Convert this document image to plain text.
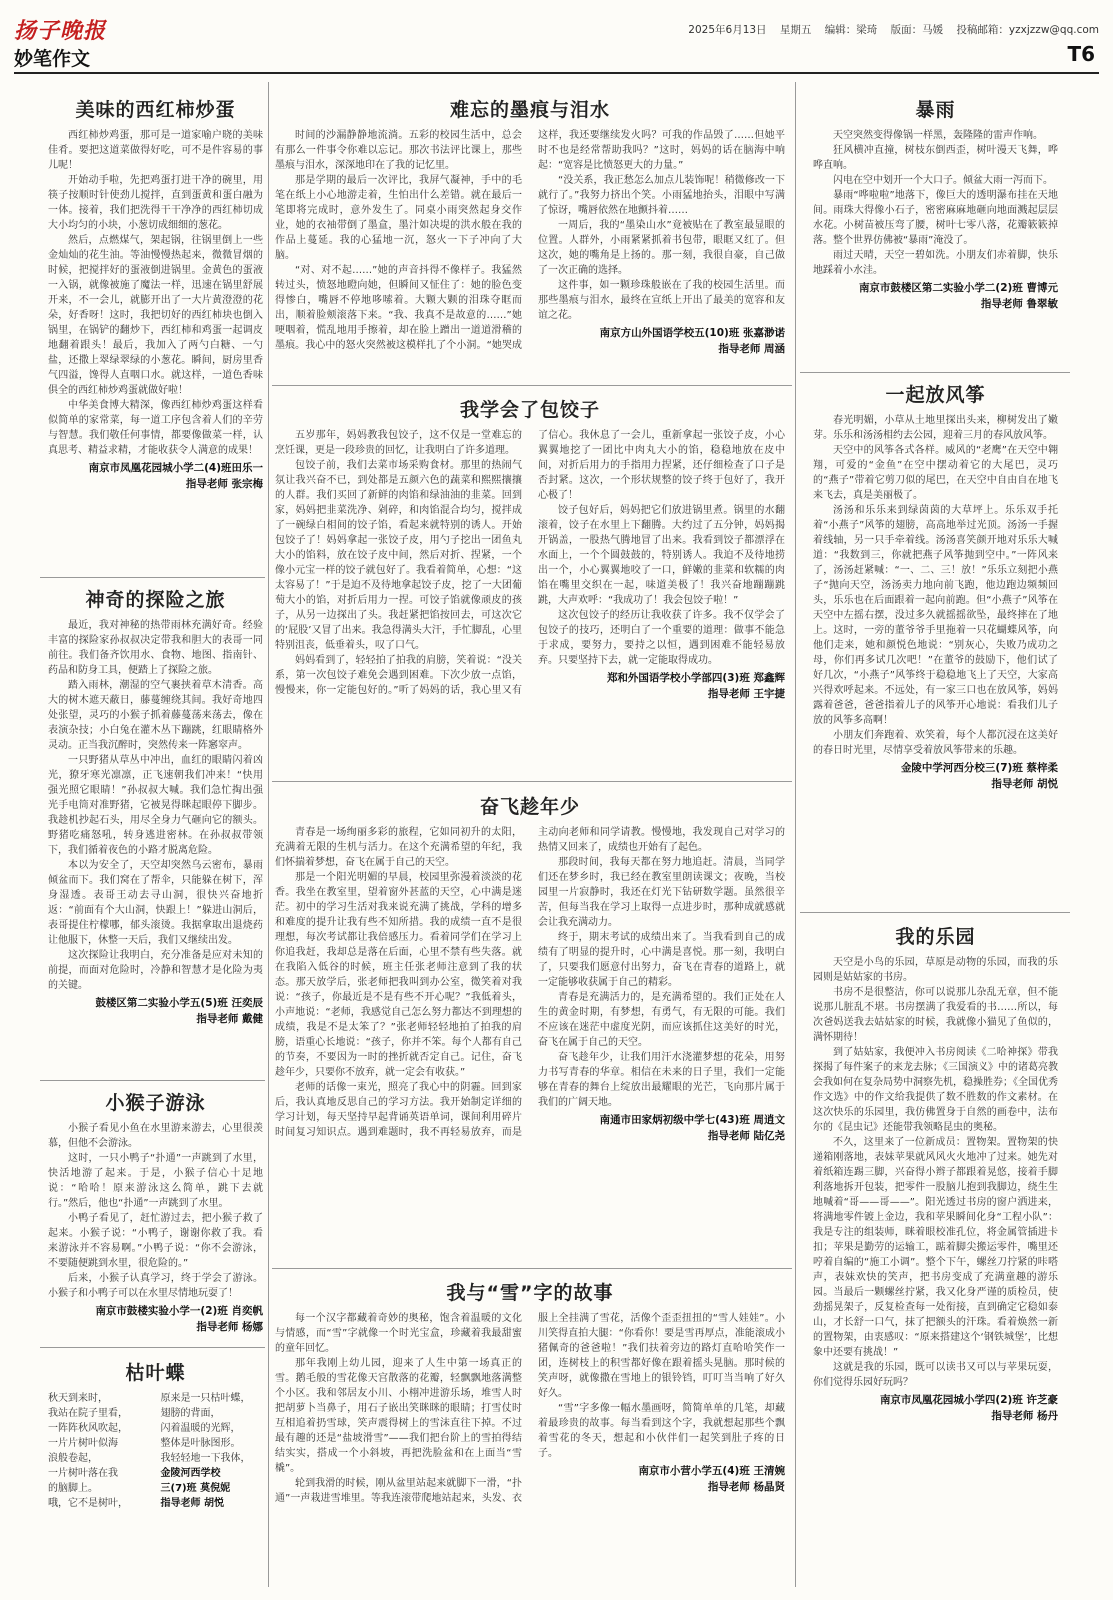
扬子晚报	2025年6月13日 星期五 编辑：梁琦 版面：马媛 投稿邮箱：yzxjzzw@qq.com
妙笔作文	T6
美味的西红柿炒蛋

西红柿炒鸡蛋，那可是一道家喻户晓的美味佳肴。要把这道菜做得好吃，可不是件容易的事儿呢！

开始动手啦，先把鸡蛋打进干净的碗里，用筷子按顺时针使劲儿搅拌，直到蛋黄和蛋白融为一体。接着，我们把洗得干干净净的西红柿切成大小均匀的小块，小葱切成细细的葱花。

然后，点燃煤气，架起锅，往锅里倒上一些金灿灿的花生油。等油慢慢热起来，微微冒烟的时候，把搅拌好的蛋液倒进锅里。金黄色的蛋液一入锅，就像被施了魔法一样，迅速在锅里舒展开来，不一会儿，就膨开出了一大片黄澄澄的花朵，好香呀！这时，我把切好的西红柿块也倒入锅里，在锅铲的翻炒下，西红柿和鸡蛋一起调皮地翻着跟头！最后，我加入了两勺白糖、一勺盐，还撒上翠绿翠绿的小葱花。瞬间，厨房里香气四溢，馋得人直咽口水。就这样，一道色香味俱全的西红柿炒鸡蛋就做好啦！

中华美食博大精深，像西红柿炒鸡蛋这样看似简单的家常菜，每一道工序包含着人们的辛劳与智慧。我们敬任何事情，都要像做菜一样，认真思考、精益求精，才能收获令人满意的成果！

南京市凤凰花园城小学二(4)班田乐一
指导老师 张宗梅
神奇的探险之旅

最近，我对神秘的热带雨林充满好奇。经验丰富的探险家孙叔叔决定带我和胆大的表哥一同前往。我们备齐饮用水、食物、地图、指南针、药品和防身工具，便踏上了探险之旅。

踏入雨林，潮湿的空气裹挟着草木清香。高大的树木遮天蔽日，藤蔓缠绕其间。我好奇地四处张望，灵巧的小猴子抓着藤蔓荡来荡去，像在表演杂技；小白兔在灌木丛下蹦跳，红眼睛格外灵动。正当我沉醉时，突然传来一阵窸窣声。

一只野猪从草丛中冲出，血红的眼睛闪着凶光，獠牙寒光凛凛，正飞速朝我们冲来！“快用强光照它眼睛！”孙叔叔大喊。我们急忙掏出强光手电筒对准野猪，它被晃得眯起眼停下脚步。我趁机抄起石头，用尽全身力气砸向它的额头。野猪吃痛怒吼，转身逃进密林。在孙叔叔带领下，我们循着夜色的小路才脱离危险。

本以为安全了，天空却突然乌云密布，暴雨倾盆而下。我们窝在了帮伞，只能躲在树下，浑身湿透。表哥王动去寻山洞，很快兴奋地折返：“前面有个大山洞，快跟上！”躲进山洞后，表哥提住柠檬哪，郁头滚烫。我据拿取出退烧药让他服下，休整一天后，我们又继续出发。

这次探险让我明白，充分准备是应对未知的前提，而面对危险时，冷静和智慧才是化险为夷的关键。

鼓楼区第二实验小学五(5)班 汪奕辰
指导老师 戴健
小猴子游泳

小猴子看见小鱼在水里游来游去，心里很羡慕，但他不会游泳。

这时，一只小鸭子“扑通”一声跳到了水里，快活地游了起来。于是，小猴子信心十足地说：“哈哈！原来游泳这么简单，跳下去就行。”然后，他也“扑通”一声跳到了水里。

小鸭子看见了，赶忙游过去，把小猴子救了起来。小猴子说：“小鸭子，谢谢你救了我。看来游泳并不容易啊。”小鸭子说：“你不会游泳，不要随便跳到水里，很危险的。”

后来，小猴子认真学习，终于学会了游泳。小猴子和小鸭子可以在水里尽情地玩耍了！

南京市鼓楼实验小学一(2)班 肖奕帆
指导老师 杨娜
枯叶蝶
秋天到来时，
我站在院子里看，
一阵阵秋风吹起，
一片片树叶似海
浪般卷起，
一片树叶落在我
的脑脚上。
哦，它不是树叶，
原来是一只枯叶蝶，
翅膀的背面，
闪着温暖的光辉，
整体是叶脉图形。
我轻轻地一下我体，
金陵河西学校
三(7)班 莫倪妮
指导老师 胡悦
难忘的墨痕与泪水

时间的沙漏静静地流淌。五彩的校园生活中，总会有那么一件事令你难以忘记。那次书法评比课上，那些墨痕与泪水，深深地印在了我的记忆里。

那是学期的最后一次评比，我屏气凝神，手中的毛笔在纸上小心地游走着，生怕出什么差错。就在最后一笔即将完成时，意外发生了。同桌小雨突然起身交作业，她的衣袖带倒了墨盒，墨汁如决堤的洪水般在我的作品上蔓延。我的心猛地一沉，怒火一下子冲向了大脑。

“对、对不起……”她的声音抖得不像样子。我猛然转过头，愤怒地瞪向她，但瞬间又怔住了：她的脸色变得惨白，嘴唇不停地哆嗦着。大颗大颗的泪珠夺眶而出，顺着脸颊滚落下来。“我、我真不是故意的……”她哽咽着，慌乱地用手擦着，却在脸上蹭出一道道滑稽的墨痕。我心中的怒火突然被这模样扎了个小洞。“她哭成这样，我还要继续发火吗？可我的作品毁了……但她平时不也是经常帮助我吗？”这时，妈妈的话在脑海中响起：“宽容是比愤怒更大的力量。”

“没关系，我正愁怎么加点儿装饰呢！稍微修改一下就行了。”我努力挤出个笑。小雨猛地抬头，泪眼中写满了惊讶，嘴唇依然在地颤抖着……

一周后，我的“墨染山水”竟被贴在了教室最显眼的位置。人群外，小雨紧紧抓着书包带，眼眶又红了。但这次，她的嘴角是上扬的。那一刻，我很自豪，自己做了一次正确的选择。

这件事，如一颗珍珠般嵌在了我的校园生活里。而那些墨痕与泪水，最终在宣纸上开出了最美的宽容和友谊之花。

南京方山外国语学校五(10)班 张嘉渺诺
指导老师 周涵
我学会了包饺子

五岁那年，妈妈教我包饺子，这不仅是一堂难忘的烹饪课，更是一段珍贵的回忆，让我明白了许多道理。

包饺子前，我们去菜市场采购食材。那里的热闹气氛让我兴奋不已，到处都是五颜六色的蔬菜和熙熙攘攘的人群。我们买回了新鲜的肉馅和绿油油的韭菜。回到家，妈妈把韭菜洗净、剁碎，和肉馅混合均匀，搅拌成了一碗绿白相间的饺子馅，看起来就特别的诱人。开始包饺子了！妈妈拿起一张饺子皮，用勺子挖出一团鱼丸大小的馅料，放在饺子皮中间，然后对折、捏紧，一个像小元宝一样的饺子就包好了。我看着简单，心想：“这太容易了！”于是迫不及待地拿起饺子皮，挖了一大团葡萄大小的馅，对折后用力一捏。可饺子馅就像顽皮的孩子，从另一边探出了头。我赶紧把馅按回去，可这次它的‘屁股’又冒了出来。我急得满头大汗，手忙脚乱，心里特别沮丧，低垂着头，叹了口气。

妈妈看到了，轻轻拍了拍我的肩膀，笑着说：“没关系，第一次包饺子难免会遇到困难。下次少放一点馅，慢慢来，你一定能包好的。”听了妈妈的话，我心里又有了信心。我休息了一会儿，重新拿起一张饺子皮，小心翼翼地挖了一团比中肉丸大小的馅，稳稳地放在皮中间，对折后用力的手指用力捏紧，还仔细检查了口子是否封紧。这次，一个形状规整的饺子终于包好了，我开心极了！

饺子包好后，妈妈把它们放进锅里煮。锅里的水翻滚着，饺子在水里上下翻腾。大约过了五分钟，妈妈揭开锅盖，一股热气腾地冒了出来。我看到饺子都漂浮在水面上，一个个圆鼓鼓的，特别诱人。我迫不及待地捞出一个，小心翼翼地咬了一口，鲜嫩的韭菜和软糯的肉馅在嘴里交织在一起，味道美极了！我兴奋地蹦蹦跳跳，大声欢呼：“我成功了！我会包饺子啦！”

这次包饺子的经历让我收获了许多。我不仅学会了包饺子的技巧，还明白了一个重要的道理：做事不能急于求成，要努力，要持之以恒，遇到困难不能轻易放弃。只要坚持下去，就一定能取得成功。

郑和外国语学校小学部四(3)班 郑鑫辉
指导老师 王宇捷
奋飞趁年少

青春是一场绚丽多彩的旅程，它如同初升的太阳，充满着无限的生机与活力。在这个充满希望的年纪，我们怀揣着梦想，奋飞在属于自己的天空。

那是一个阳光明媚的早晨，校园里弥漫着淡淡的花香。我坐在教室里，望着窗外甚蓝的天空，心中满是迷茫。初中的学习生活对我来说充满了挑战，学科的增多和难度的提升让我有些不知所措。我的成绩一直不是很理想，每次考试都让我倍感压力。看着同学们在学习上你追我赶，我却总是落在后面，心里不禁有些失落。就在我陷入低谷的时候，班主任张老师注意到了我的状态。那天放学后，张老师把我叫到办公室，微笑着对我说：“孩子，你最近是不是有些不开心呢？”我低着头，小声地说：“老师，我感觉自己怎么努力都达不到理想的成绩，我是不是太笨了？”张老师轻轻地拍了拍我的肩膀，语重心长地说：“孩子，你并不笨。每个人都有自己的节奏，不要因为一时的挫折就否定自己。记住，奋飞趁年少，只要你不放弃，就一定会有收获。”

老师的话像一束光，照亮了我心中的阴霾。回到家后，我认真地反思自己的学习方法。我开始制定详细的学习计划，每天坚持早起背诵英语单词，课间利用碎片时间复习知识点。遇到难题时，我不再轻易放弃，而是主动向老师和同学请教。慢慢地，我发现自己对学习的热情又回来了，成绩也开始有了起色。

那段时间，我每天都在努力地追赶。清晨，当同学们还在梦乡时，我已经在教室里朗读课文；夜晚，当校园里一片寂静时，我还在灯光下钻研数学题。虽然很辛苦，但每当我在学习上取得一点进步时，那种成就感就会让我充满动力。

终于，期末考试的成绩出来了。当我看到自己的成绩有了明显的提升时，心中满是喜悦。那一刻，我明白了，只要我们愿意付出努力，奋飞在青春的道路上，就一定能够收获属于自己的精彩。

青春是充满活力的，是充满希望的。我们正处在人生的黄金时期，有梦想，有勇气，有无限的可能。我们不应该在迷茫中虚度光阴，而应该抓住这美好的时光，奋飞在属于自己的天空。

奋飞趁年少，让我们用汗水浇灌梦想的花朵，用努力书写青春的华章。相信在未来的日子里，我们一定能够在青春的舞台上绽放出最耀眼的光芒，飞向那片属于我们的广阔天地。

南通市田家炳初级中学七(43)班 周逍文
指导老师 陆亿尧
我与“雪”字的故事

每一个汉字都藏着奇妙的奥秘，饱含着温暖的文化与情感，而“雪”字就像一个时光宝盒，珍藏着我最甜蜜的童年回忆。

那年我刚上幼儿园，迎来了人生中第一场真正的雪。鹅毛般的雪花像天宫散落的花瓣，轻飘飘地落满整个小区。我和邻居友小川、小栩冲进游乐场，堆雪人时把胡萝卜当鼻子，用石子嵌出笑眯眯的眼睛；打雪仗时互相追着扔雪球，笑声震得树上的雪沫直往下掉。不过最有趣的还是“盐坡滑雪”——我们把台阶上的雪拍得结结实实，搭成一个小斜坡，再把洗脸盆和在上面当“雪橇”。

轮到我滑的时候，刚从盆里站起来就脚下一滑，“扑通”一声栽进雪堆里。等我连滚带爬地站起来，头发、衣服上全挂满了雪花，活像个歪歪扭扭的“雪人娃娃”。小川笑得直拍大腿：“你看你！要是雪再厚点，准能滚成小猪佩奇的爸爸啦！”我们扶着旁边的路灯直哈哈笑作一团，连树枝上的积雪都好像在跟着摇头晃脑。那时候的笑声呀，就像撒在雪地上的银铃铛，叮叮当当响了好久好久。

“雪”字多像一幅水墨画呀，简简单单的几笔，却藏着最珍贵的故事。每当看到这个字，我就想起那些个飘着雪花的冬天，想起和小伙伴们一起笑到肚子疼的日子。

南京市小营小学五(4)班 王清婉
指导老师 杨晶贤
暴雨

天空突然变得像锅一样黑，轰隆隆的雷声作响。

狂风横冲直撞，树枝东倒西歪，树叶漫天飞舞，哗哗直响。

闪电在空中划开一个大口子。倾盆大雨一泻而下。

暴雨“哗啦啦”地落下，像巨大的透明瀑布挂在天地间。雨珠大得像小石子，密密麻麻地砸向地面溅起层层水花。小树苗被压弯了腰，树叶七零八落，花瓣簌簌掉落。整个世界仿佛被“暴雨”淹没了。

雨过天晴，天空一碧如洗。小朋友们赤着脚，快乐地踩着小水洼。

南京市鼓楼区第二实验小学二(2)班 曹博元
指导老师 鲁翠敏
一起放风筝

春光明媚，小草从土地里探出头来，柳树发出了嫩芽。乐乐和汤汤相约去公园，迎着三月的春风放风筝。

天空中的风筝各式各样。威风的“老鹰”在天空中翱翔，可爱的“金鱼”在空中摆动着它的大尾巴，灵巧的“燕子”带着它剪刀似的尾巴，在天空中自由自在地飞来飞去，真是美丽极了。

汤汤和乐乐来到绿茵茵的大草坪上。乐乐双手托着“小燕子”风筝的翅膀，高高地举过光顶。汤汤一手握着线轴，另一只手牵着线。汤汤喜笑颜开地对乐乐大喊道：“我数到三，你就把燕子风筝抛到空中。”一阵风来了，汤汤赶紧喊：“一、二、三！放！”乐乐立刻把小燕子“抛向天空，汤汤卖力地向前飞跑，他边跑边频频回头，乐乐也在后面跟着一起向前跑。但“小燕子”风筝在天空中左摇右摆，没过多久就摇摇欲坠，最终摔在了地上。这时，一旁的董爷爷手里拖着一只花蝴蝶风筝，向他们走来，她和颜悦色地说：“别灰心，失败乃成功之母，你们再多试几次吧！”在董爷的鼓励下，他们试了好几次，“小燕子”风筝终于稳稳地飞上了天空，大家高兴得欢呼起来。不远处，有一家三口也在放风筝，妈妈露着爸爸，爸爸指着儿子的风筝开心地说：看我们儿子放的风筝多高啊！

小朋友们奔跑着、欢笑着，每个人都沉浸在这美好的春日时光里，尽情享受着放风筝带来的乐趣。

金陵中学河西分校三(7)班 蔡梓柔
指导老师 胡悦
我的乐园

天空是小鸟的乐园，草原是动物的乐园，而我的乐园则是姑姑家的书房。

书房不是很整洁，你可以说那儿杂乱无章，但不能说那儿脏乱不堪。书房摆满了我爱看的书……所以，每次爸妈送我去姑姑家的时候，我就像小猫见了鱼似的，满怀期待！

到了姑姑家，我便冲入书房阅读《二哈神探》带我探揭了每件案子的来龙去脉；《三国演义》中的诸葛亮教会我如何在复杂局势中洞察先机，稳操胜券；《全国优秀作文选》中的作文给我提供了数不胜数的作文素材。在这次快乐的乐园里，我仿佛置身于自然的画卷中，法布尔的《昆虫记》还能带我领略昆虫的奥秘。

不久，这里来了一位新成员：置物架。置物架的快递箱刚落地，表妹苹果就风风火火地冲了过来。她先对着纸箱连踢三脚，兴奋得小辫子都跟着晃悠，接着手脚利落地拆开包装，把零件一股脑儿抱到我脚边，绕生生地喊着“哥——哥——”。阳光透过书房的窗户洒进来，将满地零件镀上金边，我和苹果瞬间化身“工程小队”：我是专注的组装师，眯着眼校准孔位，将金属管插进卡扣；苹果是勤劳的运输工，踮着脚尖搬运零件，嘴里还哼着自编的“施工小调”。整个下午，螺丝刀拧紧的咔嗒声，表妹欢快的笑声，把书房变成了充满童趣的游乐园。当最后一颗螺丝拧紧，我又化身严谨的质检员，使劲摇晃架子，反复检查每一处衔接，直到确定它稳如泰山，才长舒一口气，抹了把额头的汗珠。看着焕然一新的置物架，由衷感叹：“原来搭建这个‘钢铁城堡’，比想象中还要有挑战！”

这就是我的乐园，既可以读书又可以与苹果玩耍，你们觉得乐园好玩吗？

南京市凤凰花园城小学四(2)班 许芝豪
指导老师 杨丹
